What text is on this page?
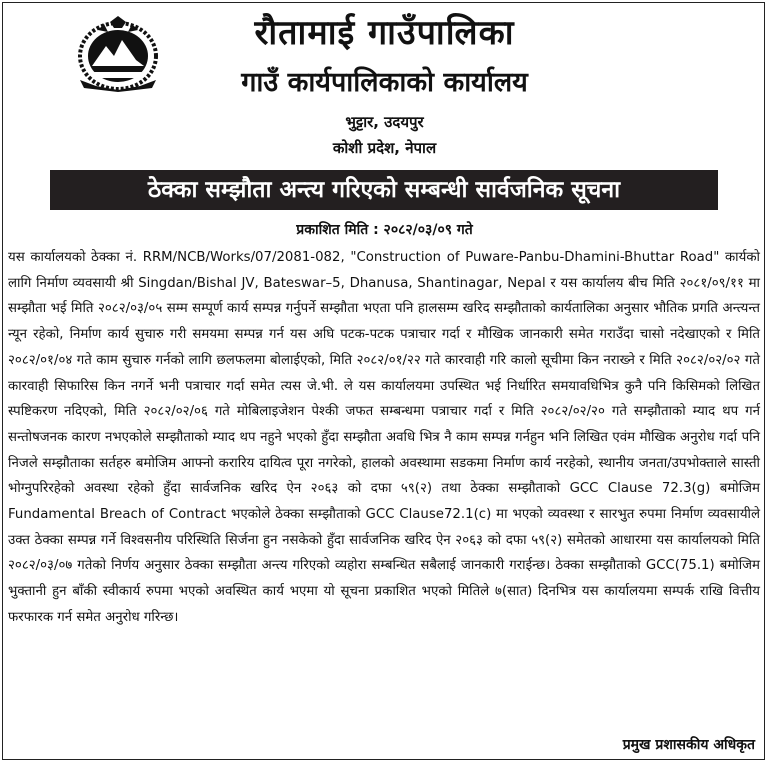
रौतामाई गाउँपालिका
गाउँ कार्यपालिकाको कार्यालय
भुट्टार, उदयपुर
कोशी प्रदेश, नेपाल
ठेक्का सम्झौता अन्त्य गरिएको सम्बन्धी सार्वजनिक सूचना
प्रकाशित मिति : २०८२/०३/०९ गते

यस कार्यालयको ठेक्का नं. RRM/NCB/Works/07/2081-082, "Construction of Puware-Panbu-Dhamini-Bhuttar Road" कार्यको लागि निर्माण व्यवसायी श्री Singdan/Bishal JV, Bateswar–5, Dhanusa, Shantinagar, Nepal र यस कार्यालय बीच मिति २०८१/०९/११ मा सम्झौता भई मिति २०८२/०३/०५ सम्म सम्पूर्ण कार्य सम्पन्न गर्नुपर्ने सम्झौता भएता पनि हालसम्म खरिद सम्झौताको कार्यतालिका अनुसार भौतिक प्रगति अन्त्यन्त न्यून रहेको, निर्माण कार्य सुचारु गरी समयमा सम्पन्न गर्न यस अघि पटक-पटक पत्राचार गर्दा र मौखिक जानकारी समेत गराउँदा चासो नदेखाएको र मिति २०८२/०१/०४ गते काम सुचारु गर्नको लागि छलफलमा बोलाईएको, मिति २०८२/०१/२२ गते कारवाही गरि कालो सूचीमा किन नराख्ने र मिति २०८२/०२/०२ गते कारवाही सिफारिस किन नगर्ने भनी पत्राचार गर्दा समेत त्यस जे.भी. ले यस कार्यालयमा उपस्थित भई निर्धारित समयावधिभित्र कुनै पनि किसिमको लिखित स्पष्टिकरण नदिएको, मिति २०८२/०२/०६ गते मोबिलाइजेशन पेश्की जफत सम्बन्धमा पत्राचार गर्दा र मिति २०८२/०२/२० गते सम्झौताको म्याद थप गर्न सन्तोषजनक कारण नभएकोले सम्झौताको म्याद थप नहुने भएको हुँदा सम्झौता अवधि भित्र नै काम सम्पन्न गर्नहुन भनि लिखित एवंम मौखिक अनुरोध गर्दा पनि निजले सम्झौताका सर्तहरु बमोजिम आफ्नो करारिय दायित्व पूरा नगरेको, हालको अवस्थामा सडकमा निर्माण कार्य नरहेको, स्थानीय जनता/उपभोक्ताले सास्ती भोग्नुपरिरहेको अवस्था रहेको हुँदा सार्वजनिक खरिद ऐन २०६३ को दफा ५९(२) तथा ठेक्का सम्झौताको GCC Clause 72.3(g) बमोजिम Fundamental Breach of Contract भएकोले ठेक्का सम्झौताको GCC Clause72.1(c) मा भएको व्यवस्था र सारभुत रुपमा निर्माण व्यवसायीले उक्त ठेक्का सम्पन्न गर्ने विश्वसनीय परिस्थिति सिर्जना हुन नसकेको हुँदा सार्वजनिक खरिद ऐन २०६३ को दफा ५९(२) समेतको आधारमा यस कार्यालयको मिति २०८२/०३/०७ गतेको निर्णय अनुसार ठेक्का सम्झौता अन्त्य गरिएको व्यहोरा सम्बन्धित सबैलाई जानकारी गराईन्छ। ठेक्का सम्झौताको GCC(75.1) बमोजिम भुक्तानी हुन बाँकी स्वीकार्य रुपमा भएको अवस्थित कार्य भएमा यो सूचना प्रकाशित भएको मितिले ७(सात) दिनभित्र यस कार्यालयमा सम्पर्क राखि वित्तीय फरफारक गर्न समेत अनुरोध गरिन्छ।

प्रमुख प्रशासकीय अधिकृत
